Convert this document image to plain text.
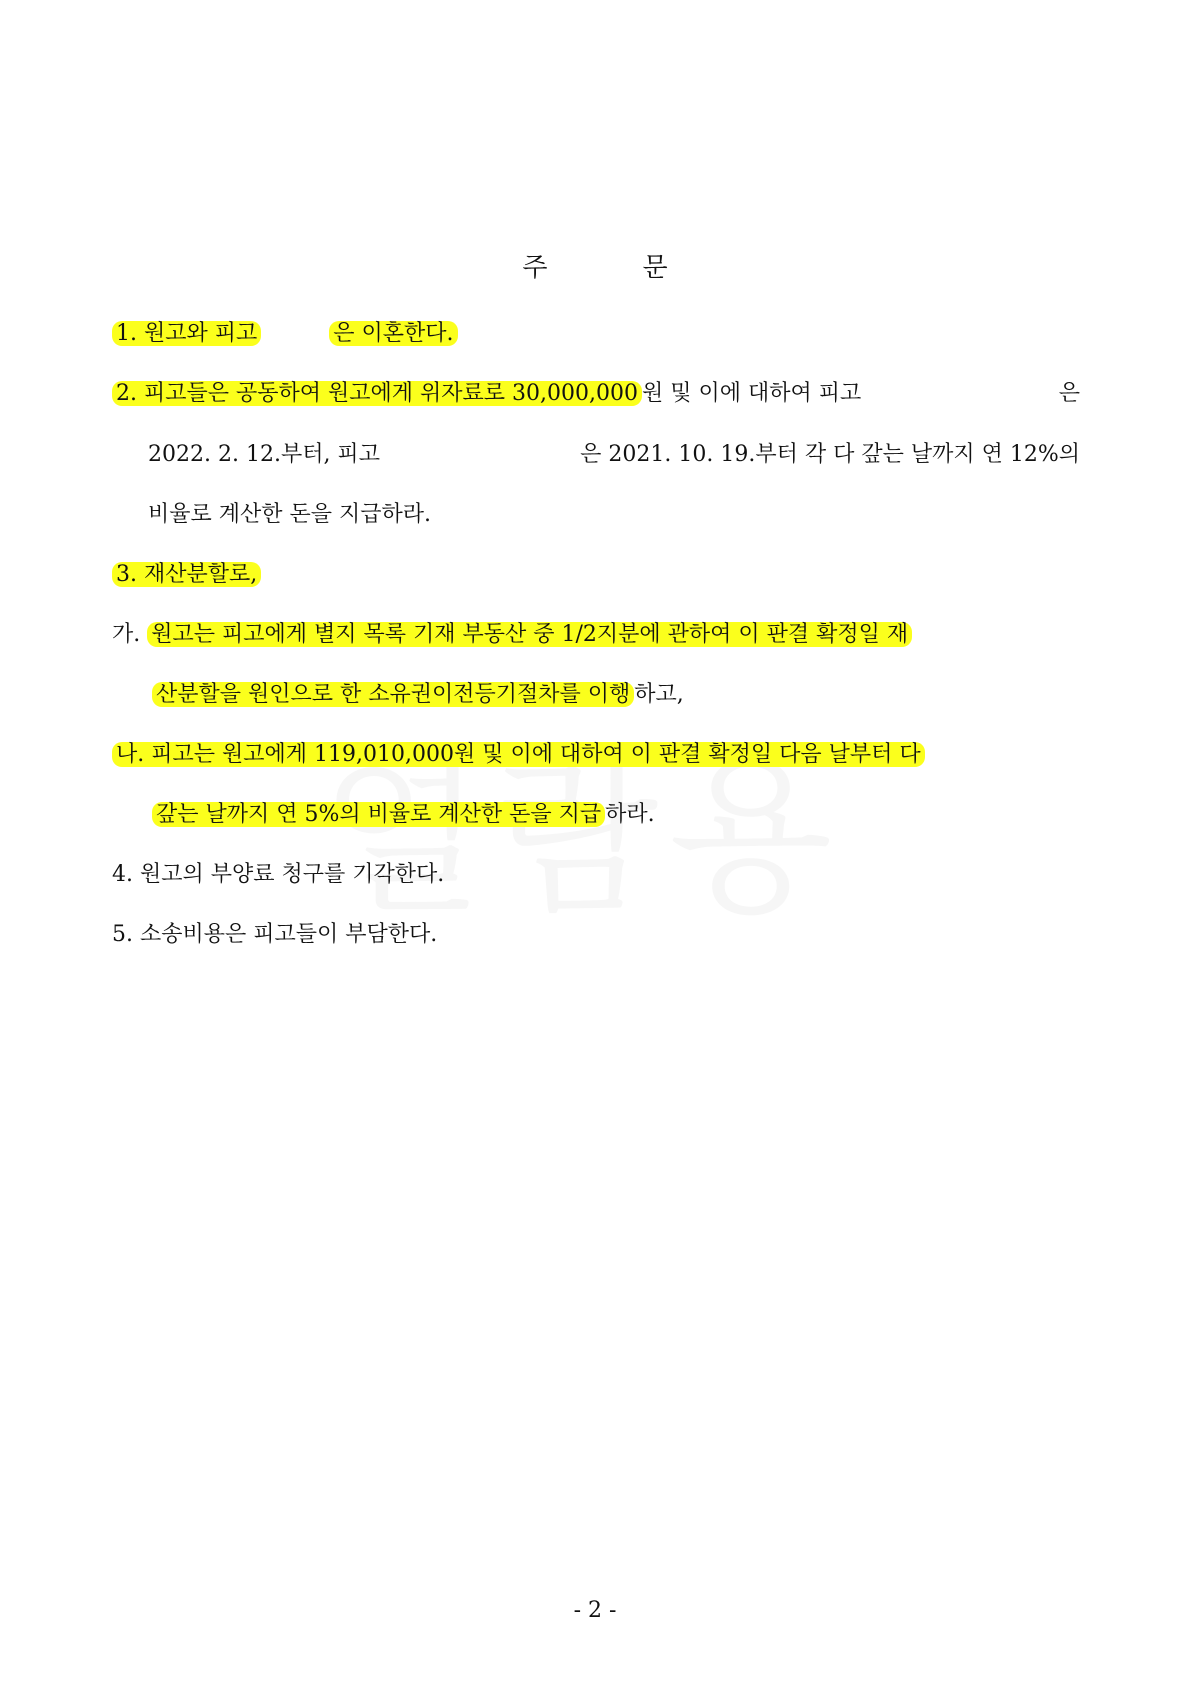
주	문
1. 원고와 피고	은 이혼한다.
2. 피고들은 공동하여 원고에게 위자료로 30,000,000 원 및 이에 대하여 피고	은
2022. 2. 12.부터, 피고	은 2021. 10. 19.부터 각 다 갚는 날까지 연 12%의
비율로 계산한 돈을 지급하라.
3. 재산분할로,
가. 원고는 피고에게 별지 목록 기재 부동산 중 1/2지분에 관하여 이 판결 확정일 재
산분할을 원인으로 한 소유권이전등기절차를 이행 하고,
나. 피고는 원고에게 119,010,000원 및 이에 대하여 이 판결 확정일 다음 날부터 다
갚는 날까지 연 5%의 비율로 계산한 돈을 지급 하라.
4. 원고의 부양료 청구를 기각한다.
5. 소송비용은 피고들이 부담한다.
- 2 -
